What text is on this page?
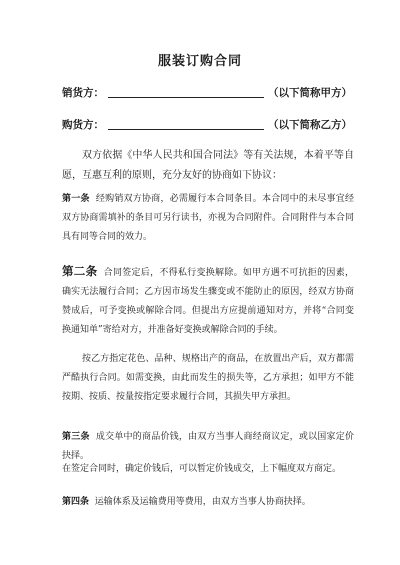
服装订购合同
销货方：	（以下简称甲方）
购货方：	（以下简称乙方）

双方依据《中华人民共和国合同法》等有关法规，本着平等自愿，互惠互利的原则，充分友好的协商如下协议：

第一条 经购销双方协商，必需履行本合同条目。本合同中的未尽事宜经双方协商需填补的条目可另行读书，亦视为合同附件。合同附件与本合同具有同等合同的效力。

第二条 合同签定后，不得私行变换解除。如甲方遇不可抗拒的因素，确实无法履行合同；乙方因市场发生骤变或不能防止的原因，经双方协商赞成后，可予变换或解除合同。但提出方应提前通知对方，并将“合同变换通知单”寄给对方，并准备好变换或解除合同的手续。

按乙方指定花色、品种、规格出产的商品，在放置出产后，双方都需严酷执行合同。如需变换，由此而发生的损失等，乙方承担；如甲方不能按期、按质、按量按指定要求履行合同，其损失甲方承担。

第三条 成交单中的商品价钱，由双方当事人商经商议定，或以国家定价抉择。

在签定合同时，确定价钱后，可以暂定价钱成交，上下幅度双方商定。

第四条 运输体系及运输费用等费用，由双方当事人协商抉择。
